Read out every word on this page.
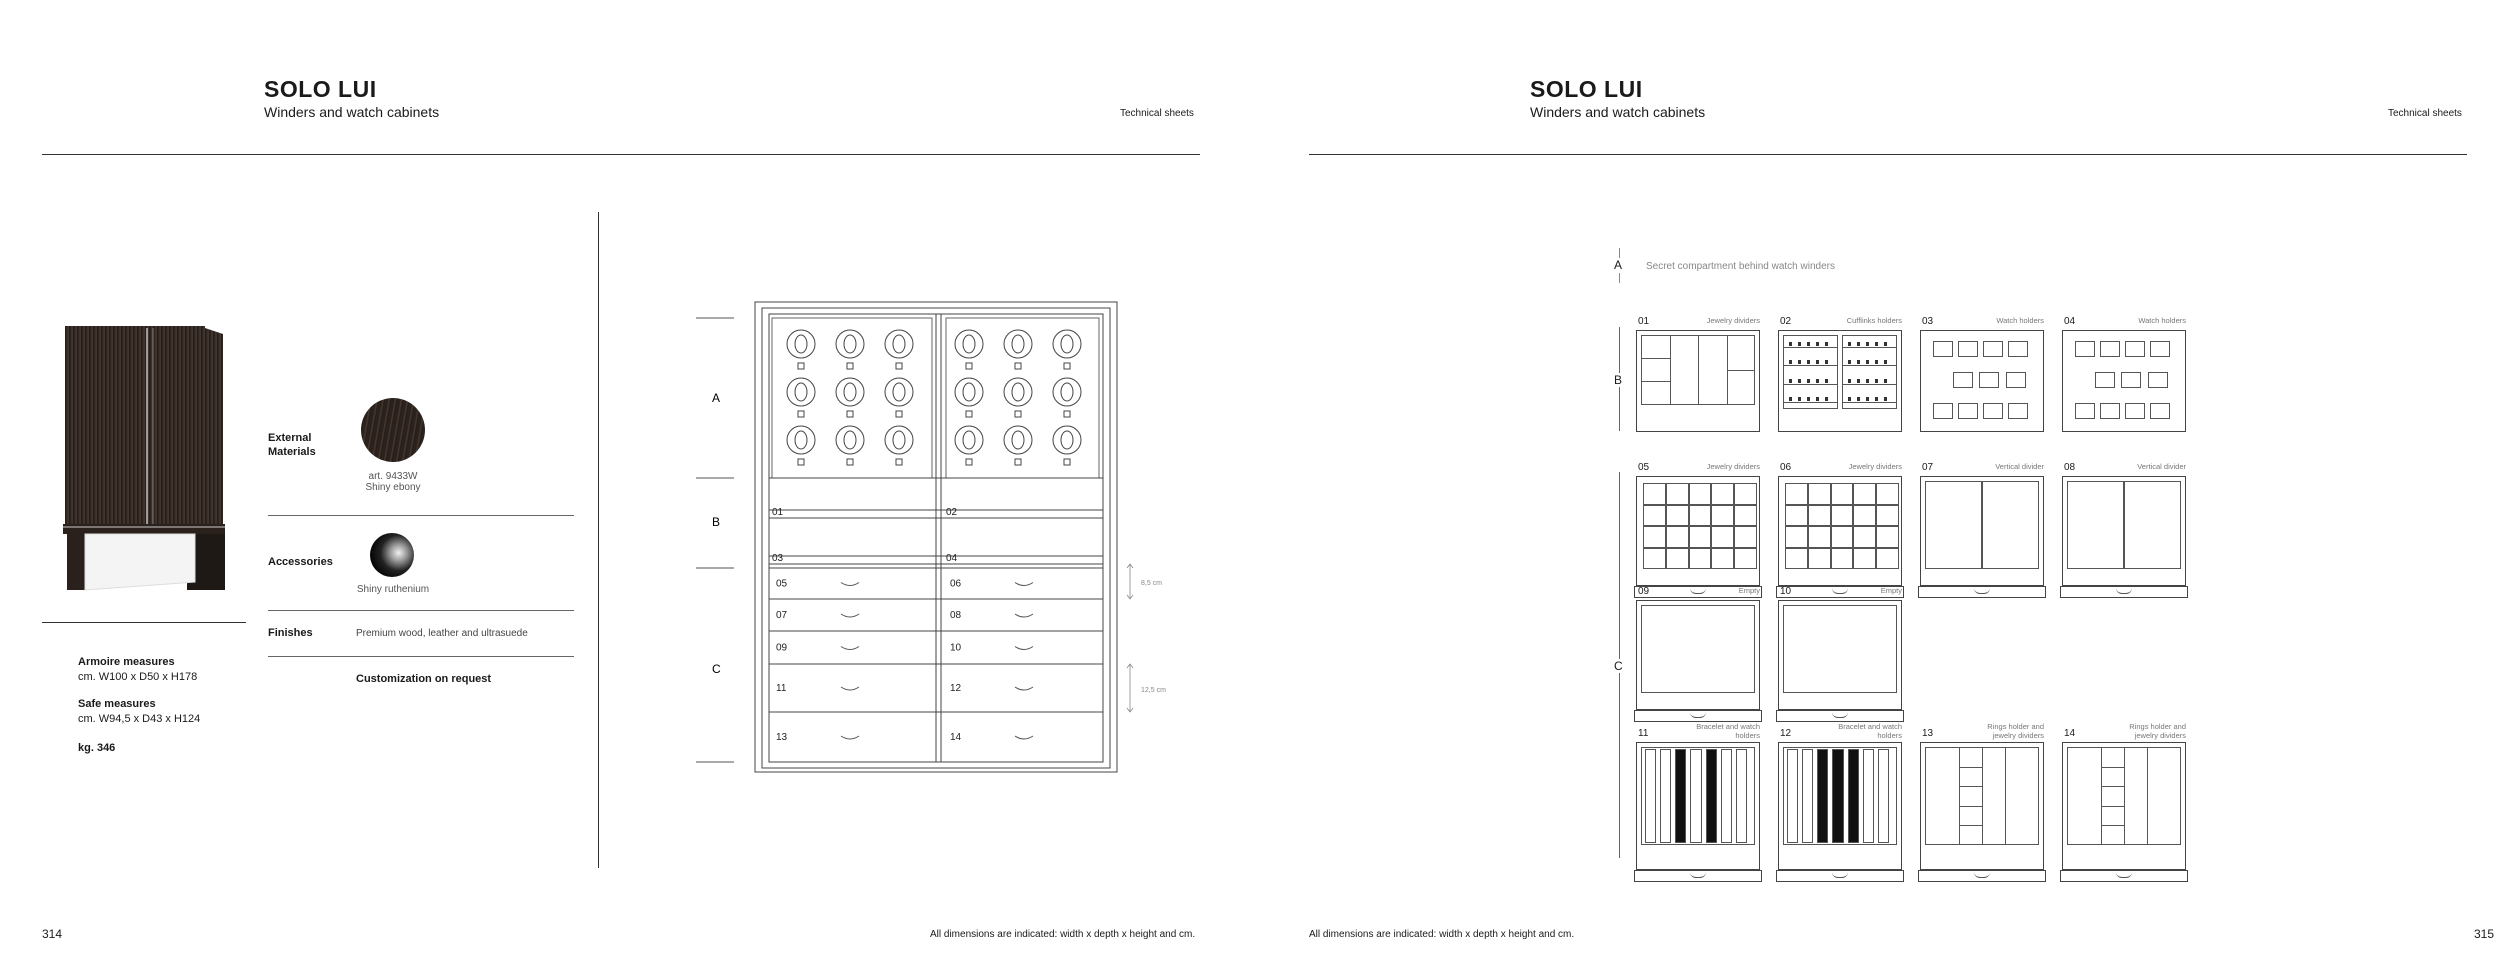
SOLO LUI
Winders and watch cabinets	Technical sheets
Armoire measures
cm. W100 x D50 x H178
Safe measures
cm. W94,5 x D43 x H124
kg. 346
External Materials
art. 9433W
Shiny ebony
Accessories
Shiny ruthenium
Finishes	Premium wood, leather and ultrasuede
Customization on request
A
B
C
01	02
03	04
05	06
07	08
09	10
11	12
13	14
8,5 cm
12,5 cm
314	All dimensions are indicated: width x depth x height and cm.
SOLO LUI
Winders and watch cabinets	Technical sheets
A Secret compartment behind watch winders
B
C
01	Jewelry dividers 02	Cufflinks holders 03	Watch holders 04	Watch holders
05	Jewelry dividers 06	Jewelry dividers 07	Vertical divider 08	Vertical divider
09	Empty 10	Empty
11
Bracelet and watch holders 12
Bracelet and watch holders 13
Rings holder and jewelry dividers 14
Rings holder and jewelry dividers
All dimensions are indicated: width x depth x height and cm.	315
